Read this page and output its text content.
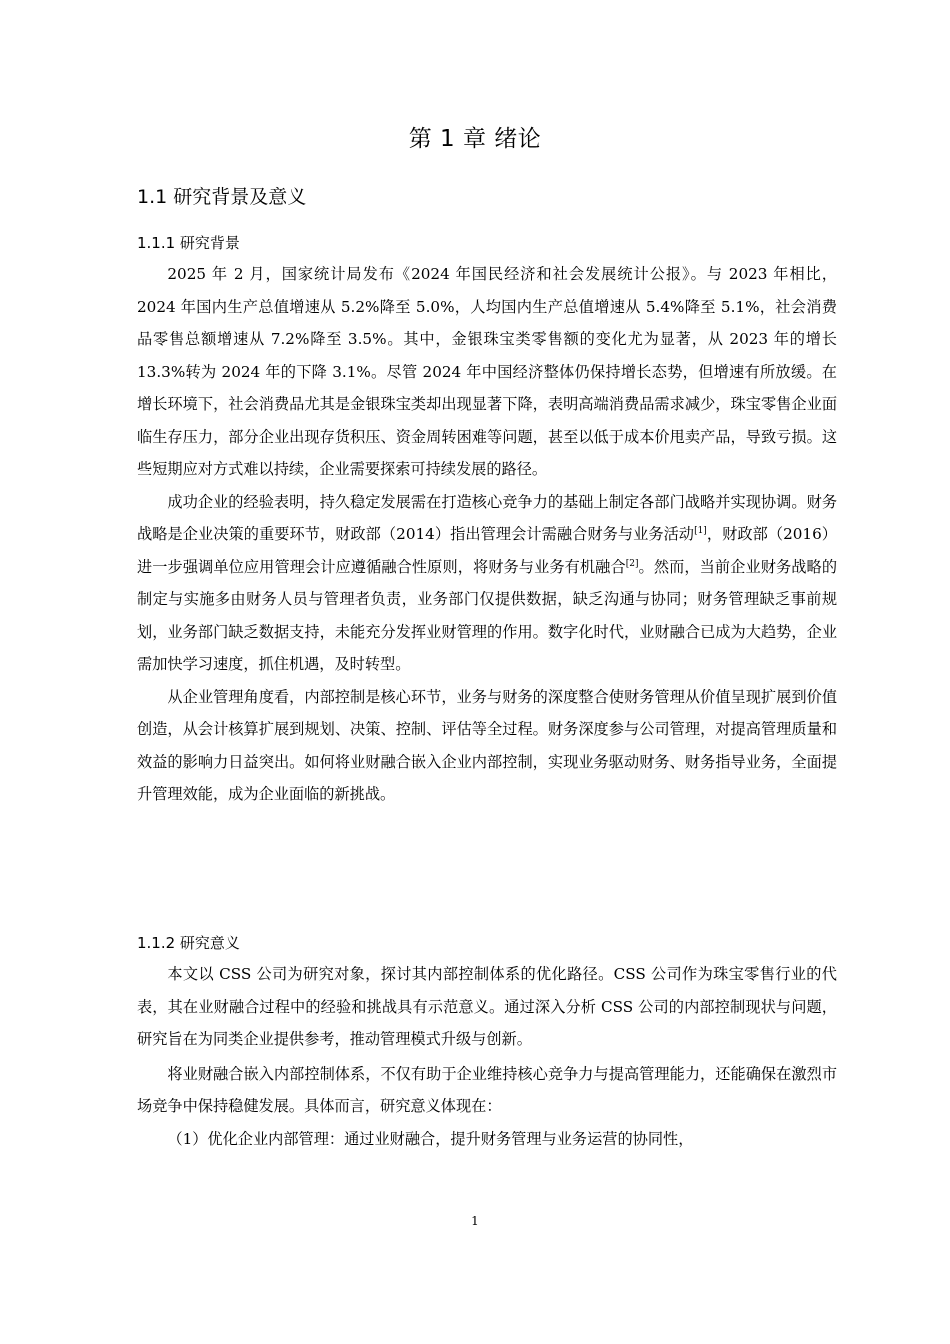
第 1 章 绪论
1.1 研究背景及意义
1.1.1 研究背景

2025 年 2 月，国家统计局发布《2024 年国民经济和社会发展统计公报》。与 2023 年相比，2024 年国内生产总值增速从 5.2%降至 5.0%，人均国内生产总值增速从 5.4%降至 5.1%，社会消费品零售总额增速从 7.2%降至 3.5%。其中，金银珠宝类零售额的变化尤为显著，从 2023 年的增长 13.3%转为 2024 年的下降 3.1%。尽管 2024 年中国经济整体仍保持增长态势，但增速有所放缓。在增长环境下，社会消费品尤其是金银珠宝类却出现显著下降，表明高端消费品需求减少，珠宝零售企业面临生存压力，部分企业出现存货积压、资金周转困难等问题，甚至以低于成本价甩卖产品，导致亏损。这些短期应对方式难以持续，企业需要探索可持续发展的路径。

成功企业的经验表明，持久稳定发展需在打造核心竞争力的基础上制定各部门战略并实现协调。财务战略是企业决策的重要环节，财政部（2014）指出管理会计需融合财务与业务活动[1]，财政部（2016）进一步强调单位应用管理会计应遵循融合性原则，将财务与业务有机融合[2]。然而，当前企业财务战略的制定与实施多由财务人员与管理者负责，业务部门仅提供数据，缺乏沟通与协同；财务管理缺乏事前规划，业务部门缺乏数据支持，未能充分发挥业财管理的作用。数字化时代，业财融合已成为大趋势，企业需加快学习速度，抓住机遇，及时转型。

从企业管理角度看，内部控制是核心环节，业务与财务的深度整合使财务管理从价值呈现扩展到价值创造，从会计核算扩展到规划、决策、控制、评估等全过程。财务深度参与公司管理，对提高管理质量和效益的影响力日益突出。如何将业财融合嵌入企业内部控制，实现业务驱动财务、财务指导业务，全面提升管理效能，成为企业面临的新挑战。

1.1.2 研究意义

本文以 CSS 公司为研究对象，探讨其内部控制体系的优化路径。CSS 公司作为珠宝零售行业的代表，其在业财融合过程中的经验和挑战具有示范意义。通过深入分析 CSS 公司的内部控制现状与问题，研究旨在为同类企业提供参考，推动管理模式升级与创新。

将业财融合嵌入内部控制体系，不仅有助于企业维持核心竞争力与提高管理能力，还能确保在激烈市场竞争中保持稳健发展。具体而言，研究意义体现在：

（1）优化企业内部管理：通过业财融合，提升财务管理与业务运营的协同性，

1
